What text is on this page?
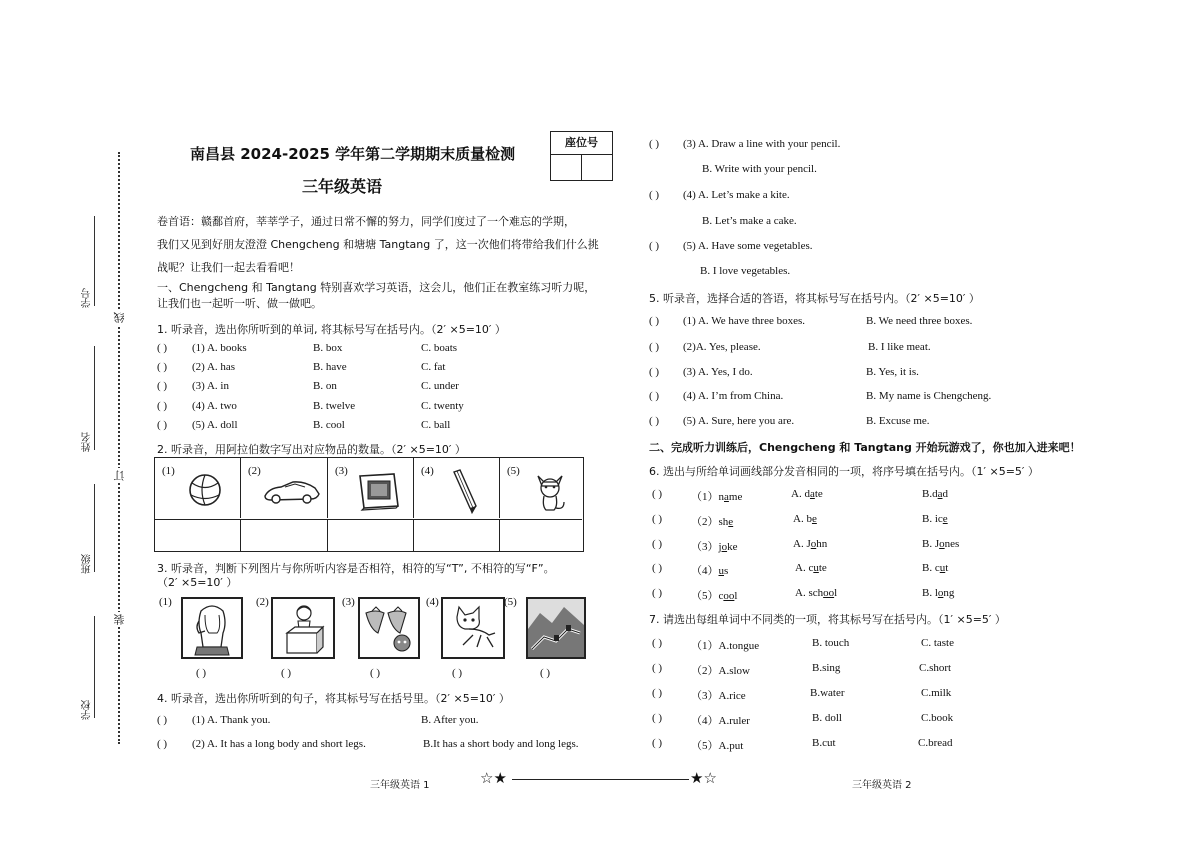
学号
姓名
班级
学校
线
订
装
南昌县 2024-2025 学年第二学期期末质量检测
三年级英语
座位号
卷首语：赣鄱首府，莘莘学子，通过日常不懈的努力，同学们度过了一个难忘的学期，
我们又见到好朋友澄澄 Chengcheng 和塘塘 Tangtang 了，这一次他们将带给我们什么挑
战呢？让我们一起去看看吧！
一、Chengcheng 和 Tangtang 特别喜欢学习英语，这会儿，他们正在教室练习听力呢，
让我们也一起听一听、做一做吧。
1. 听录音，选出你所听到的单词, 将其标号写在括号内。（2′ ×5=10′ ）
( ) (1) A. books	B. box	C. boats
( ) (2) A. has	B. have	C. fat
( ) (3) A. in	B. on	C. under
( ) (4) A. two	B. twelve	C. twenty
( ) (5) A. doll	B. cool	C. ball
2. 听录音，用阿拉伯数字写出对应物品的数量。（2′ ×5=10′ ）
(1)	(2)	(3)	(4)	(5)
3. 听录音，判断下列图片与你所听内容是否相符，相符的写“T”, 不相符的写“F”。
（2′ ×5=10′ ）
(1)
( )
(2)
( )
(3)
( )
(4)
( )
(5)
( )
4. 听录音，选出你所听到的句子，将其标号写在括号里。（2′ ×5=10′ ）
( ) (1) A. Thank you.	B. After you.
( ) (2) A. It has a long body and short legs.	B.It has a short body and long legs.
( ) (3) A. Draw a line with your pencil.
B. Write with your pencil.
( ) (4) A. Let’s make a kite.
B. Let’s make a cake.
( ) (5) A. Have some vegetables.
B. I love vegetables.
5. 听录音，选择合适的答语，将其标号写在括号内。（2′ ×5=10′ ）
( ) (1) A. We have three boxes.	B. We need three boxes.
( ) (2)A. Yes, please.	B. I like meat.
( ) (3) A. Yes, I do.	B. Yes, it is.
( ) (4) A. I’m from China.	B. My name is Chengcheng.
( ) (5) A. Sure, here you are.	B. Excuse me.
二、完成听力训练后，Chengcheng 和 Tangtang 开始玩游戏了，你也加入进来吧！
6. 选出与所给单词画线部分发音相同的一项，将序号填在括号内。（1′ ×5=5′ ）
( )	（1）name	A. date	B.dad
( )	（2）she	A. be	B. ice
( )	（3）joke	A. John	B. Jones
( )	（4）us	A. cute	B. cut
( )	（5）cool	A. school	B. long
7. 请选出每组单词中不同类的一项，将其标号写在括号内。（1′ ×5=5′ ）
( )	（1）A.tongue	B. touch	C. taste
( )	（2）A.slow	B.sing	C.short
( )	（3）A.rice	B.water	C.milk
( )	（4）A.ruler	B. doll	C.book
( )	（5）A.put	B.cut	C.bread
三年级英语 1	☆★	★☆	三年级英语 2
